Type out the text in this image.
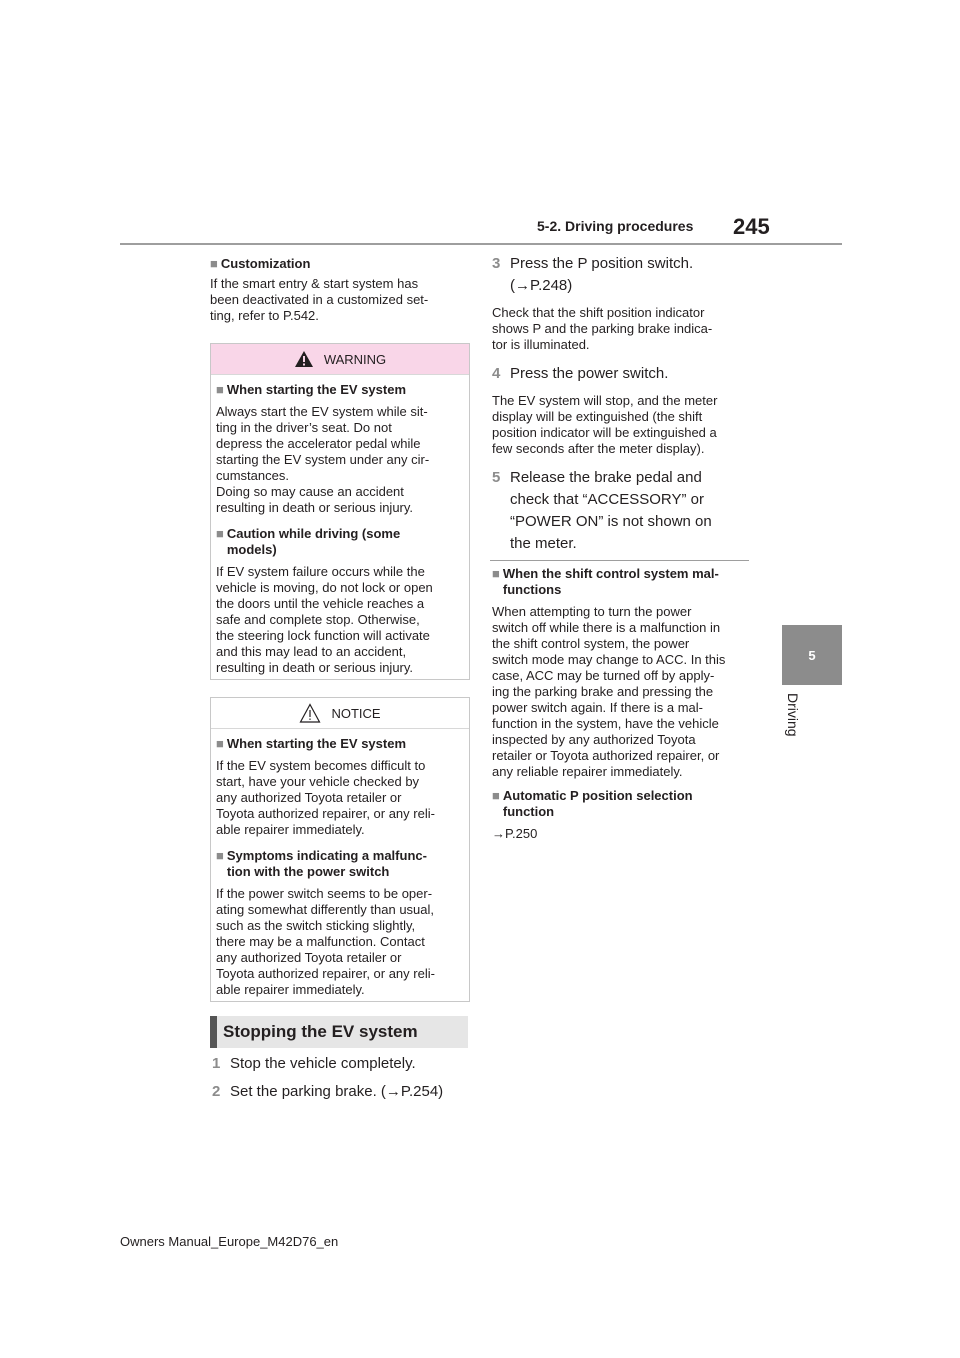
5-2. Driving procedures 245
5
Driving
■ Customization
If the smart entry & start system has
been deactivated in a customized set-
ting, refer to P.542.
WARNING
■ When starting the EV system
Always start the EV system while sit-
ting in the driver’s seat. Do not
depress the accelerator pedal while
starting the EV system under any cir-
cumstances.
Doing so may cause an accident
resulting in death or serious injury.
■ Caution while driving (some
models)
If EV system failure occurs while the
vehicle is moving, do not lock or open
the doors until the vehicle reaches a
safe and complete stop. Otherwise,
the steering lock function will activate
and this may lead to an accident,
resulting in death or serious injury.
NOTICE
■ When starting the EV system
If the EV system becomes difficult to
start, have your vehicle checked by
any authorized Toyota retailer or
Toyota authorized repairer, or any reli-
able repairer immediately.
■ Symptoms indicating a malfunc-
tion with the power switch
If the power switch seems to be oper-
ating somewhat differently than usual,
such as the switch sticking slightly,
there may be a malfunction. Contact
any authorized Toyota retailer or
Toyota authorized repairer, or any reli-
able repairer immediately.
Stopping the EV system
1 Stop the vehicle completely.
2 Set the parking brake. (→P.254)
3 Press the P position switch.
(→P.248)
Check that the shift position indicator
shows P and the parking brake indica-
tor is illuminated.
4 Press the power switch.
The EV system will stop, and the meter
display will be extinguished (the shift
position indicator will be extinguished a
few seconds after the meter display).
5 Release the brake pedal and
check that “ACCESSORY” or
“POWER ON” is not shown on
the meter.
■ When the shift control system mal-
functions
When attempting to turn the power
switch off while there is a malfunction in
the shift control system, the power
switch mode may change to ACC. In this
case, ACC may be turned off by apply-
ing the parking brake and pressing the
power switch again. If there is a mal-
function in the system, have the vehicle
inspected by any authorized Toyota
retailer or Toyota authorized repairer, or
any reliable repairer immediately.
■ Automatic P position selection
function
→P.250
Owners Manual_Europe_M42D76_en
